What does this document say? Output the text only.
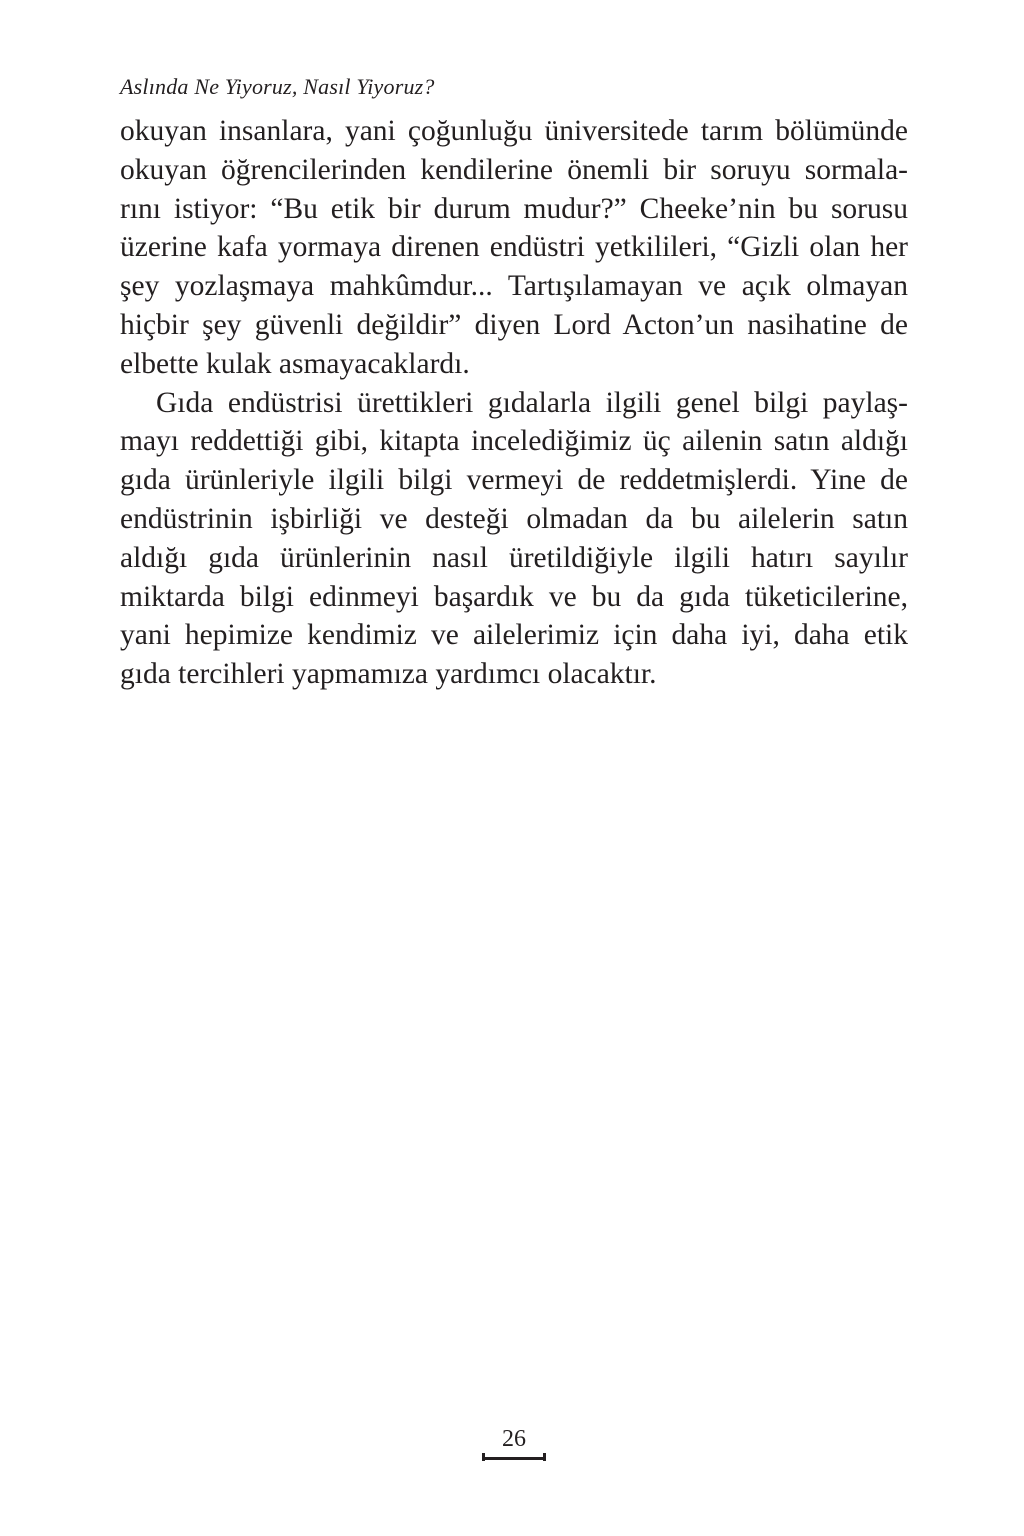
Aslında Ne Yiyoruz, Nasıl Yiyoruz?
okuyan insanlara, yani çoğunluğu üniversitede tarım bölümünde
okuyan öğrencilerinden kendilerine önemli bir soruyu sormala-
rını istiyor: “Bu etik bir durum mudur?” Cheeke’nin bu sorusu
üzerine kafa yormaya direnen endüstri yetkilileri, “Gizli olan her
şey yozlaşmaya mahkûmdur... Tartışılamayan ve açık olmayan
hiçbir şey güvenli değildir” diyen Lord Acton’un nasihatine de
elbette kulak asmayacaklardı.
Gıda endüstrisi ürettikleri gıdalarla ilgili genel bilgi paylaş-
mayı reddettiği gibi, kitapta incelediğimiz üç ailenin satın aldığı
gıda ürünleriyle ilgili bilgi vermeyi de reddetmişlerdi. Yine de
endüstrinin işbirliği ve desteği olmadan da bu ailelerin satın
aldığı gıda ürünlerinin nasıl üretildiğiyle ilgili hatırı sayılır
miktarda bilgi edinmeyi başardık ve bu da gıda tüketicilerine,
yani hepimize kendimiz ve ailelerimiz için daha iyi, daha etik
gıda tercihleri yapmamıza yardımcı olacaktır.
26
